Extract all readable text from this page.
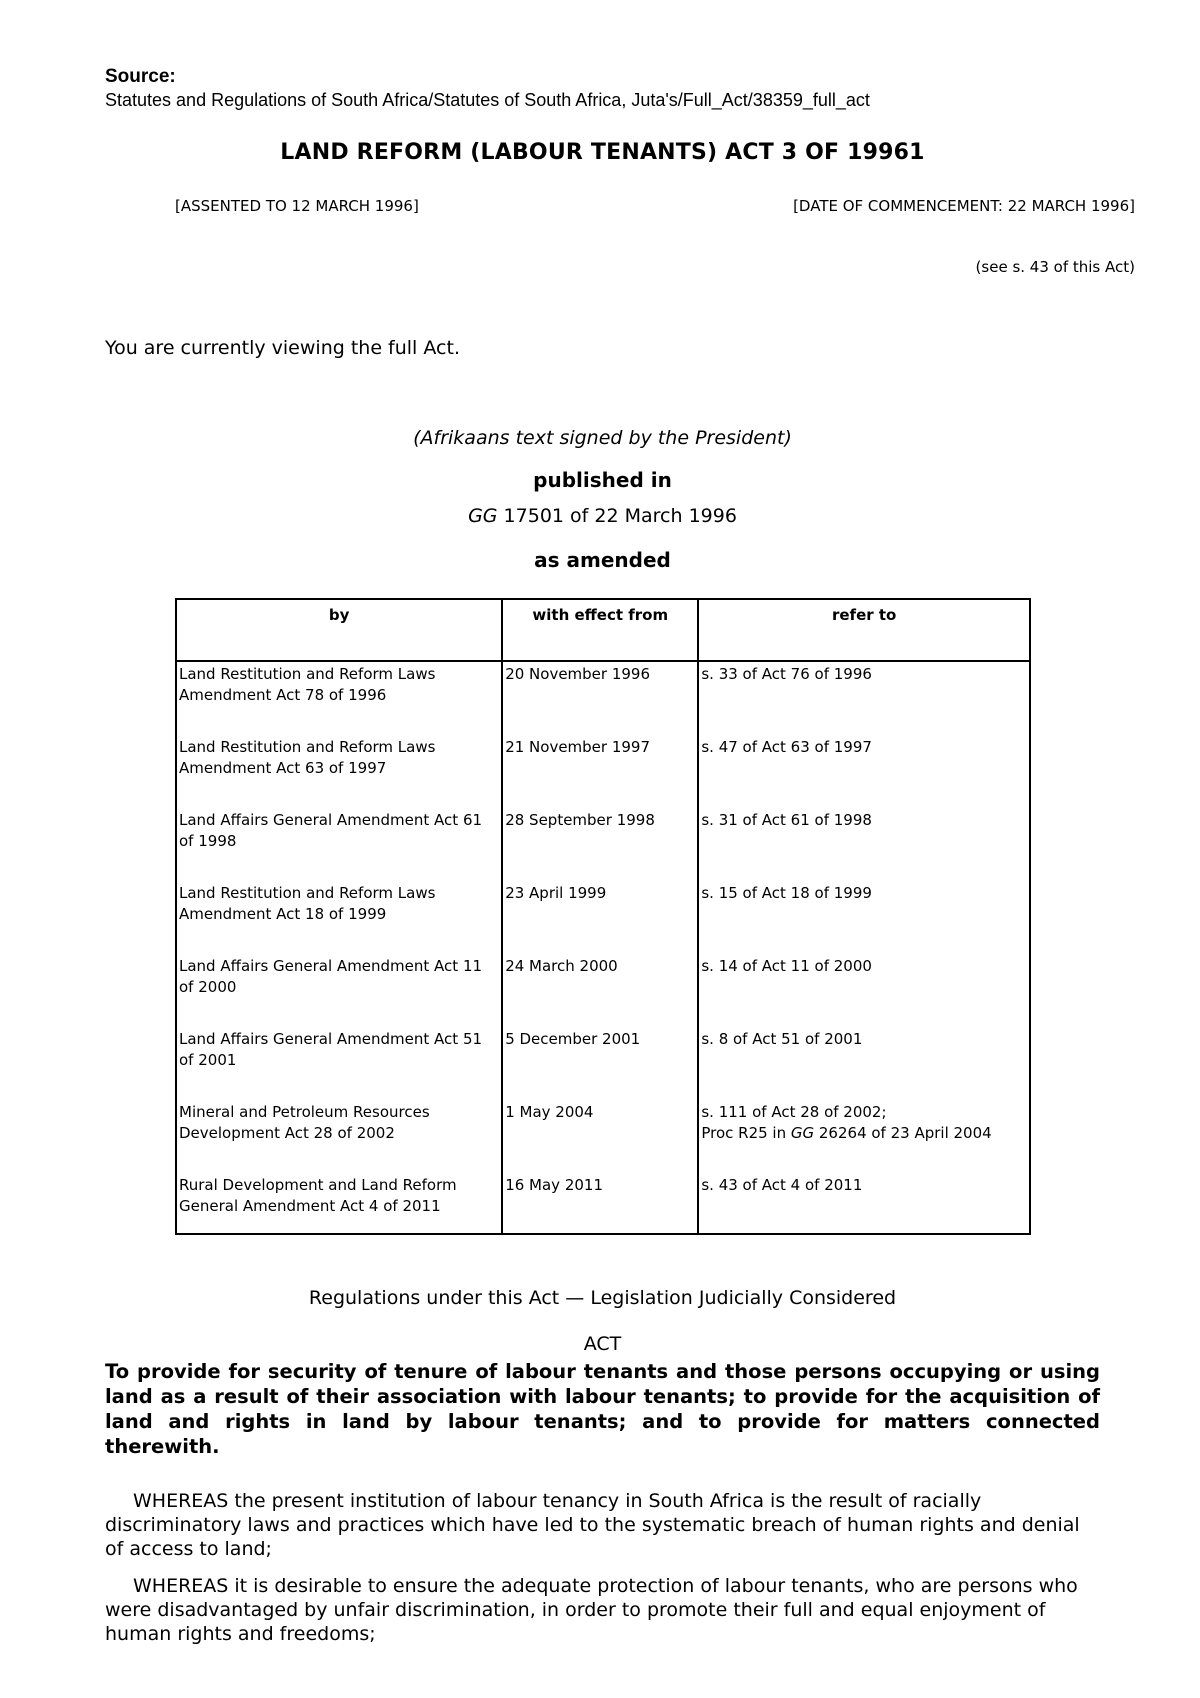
Source:
Statutes and Regulations of South Africa/Statutes of South Africa, Juta's/Full_Act/38359_full_act
LAND REFORM (LABOUR TENANTS) ACT 3 OF 19961
[ASSENTED TO 12 MARCH 1996]	[DATE OF COMMENCEMENT: 22 MARCH 1996]
(see s. 43 of this Act)
You are currently viewing the full Act.
(Afrikaans text signed by the President)
published in
GG 17501 of 22 March 1996
as amended
by	with effect from	refer to
Land Restitution and Reform Laws Amendment Act 78 of 1996	20 November 1996	s. 33 of Act 76 of 1996
Land Restitution and Reform Laws Amendment Act 63 of 1997	21 November 1997	s. 47 of Act 63 of 1997
Land Affairs General Amendment Act 61 of 1998	28 September 1998	s. 31 of Act 61 of 1998
Land Restitution and Reform Laws Amendment Act 18 of 1999	23 April 1999	s. 15 of Act 18 of 1999
Land Affairs General Amendment Act 11 of 2000	24 March 2000	s. 14 of Act 11 of 2000
Land Affairs General Amendment Act 51 of 2001	5 December 2001	s. 8 of Act 51 of 2001
Mineral and Petroleum Resources Development Act 28 of 2002	1 May 2004	s. 111 of Act 28 of 2002;
Proc R25 in GG 26264 of 23 April 2004
Rural Development and Land Reform General Amendment Act 4 of 2011	16 May 2011	s. 43 of Act 4 of 2011
Regulations under this Act — Legislation Judicially Considered
ACT
To provide for security of tenure of labour tenants and those persons occupying or using land as a result of their association with labour tenants; to provide for the acquisition of land and rights in land by labour tenants; and to provide for matters connected therewith.

WHEREAS the present institution of labour tenancy in South Africa is the result of racially discriminatory laws and practices which have led to the systematic breach of human rights and denial of access to land;

WHEREAS it is desirable to ensure the adequate protection of labour tenants, who are persons who were disadvantaged by unfair discrimination, in order to promote their full and equal enjoyment of human rights and freedoms;
